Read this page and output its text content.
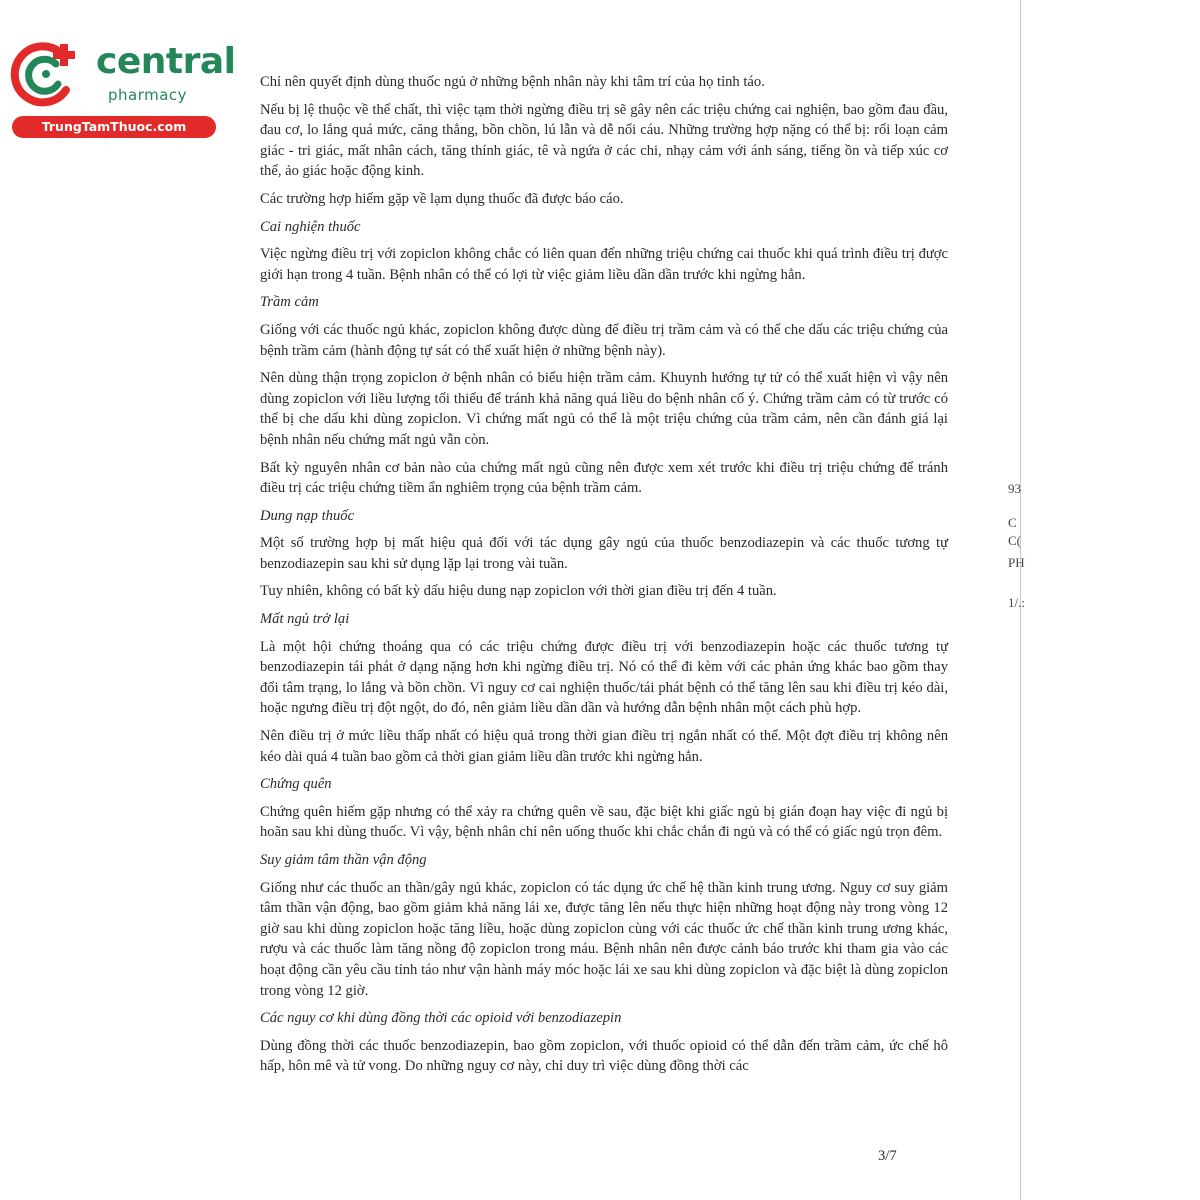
central
pharmacy
TrungTamThuoc.com

Chỉ nên quyết định dùng thuốc ngủ ở những bệnh nhân này khi tâm trí của họ tỉnh táo.

Nếu bị lệ thuộc về thể chất, thì việc tạm thời ngừng điều trị sẽ gây nên các triệu chứng cai nghiện, bao gồm đau đầu, đau cơ, lo lắng quá mức, căng thẳng, bồn chồn, lú lẫn và dễ nổi cáu. Những trường hợp nặng có thể bị: rối loạn cảm giác - tri giác, mất nhân cách, tăng thính giác, tê và ngứa ở các chi, nhạy cảm với ánh sáng, tiếng ồn và tiếp xúc cơ thể, ảo giác hoặc động kinh.

Các trường hợp hiếm gặp về lạm dụng thuốc đã được báo cáo.

Cai nghiện thuốc

Việc ngừng điều trị với zopiclon không chắc có liên quan đến những triệu chứng cai thuốc khi quá trình điều trị được giới hạn trong 4 tuần. Bệnh nhân có thể có lợi từ việc giảm liều dần dần trước khi ngừng hẳn.

Trầm cảm

Giống với các thuốc ngủ khác, zopiclon không được dùng để điều trị trầm cảm và có thể che dấu các triệu chứng của bệnh trầm cảm (hành động tự sát có thể xuất hiện ở những bệnh này).

Nên dùng thận trọng zopiclon ở bệnh nhân có biểu hiện trầm cảm. Khuynh hướng tự tử có thể xuất hiện vì vậy nên dùng zopiclon với liều lượng tối thiểu để tránh khả năng quá liều do bệnh nhân cố ý. Chứng trầm cảm có từ trước có thể bị che dấu khi dùng zopiclon. Vì chứng mất ngủ có thể là một triệu chứng của trầm cảm, nên cần đánh giá lại bệnh nhân nếu chứng mất ngủ vẫn còn.

Bất kỳ nguyên nhân cơ bản nào của chứng mất ngủ cũng nên được xem xét trước khi điều trị triệu chứng để tránh điều trị các triệu chứng tiềm ẩn nghiêm trọng của bệnh trầm cảm.

Dung nạp thuốc

Một số trường hợp bị mất hiệu quả đối với tác dụng gây ngủ của thuốc benzodiazepin và các thuốc tương tự benzodiazepin sau khi sử dụng lặp lại trong vài tuần.

Tuy nhiên, không có bất kỳ dấu hiệu dung nạp zopiclon với thời gian điều trị đến 4 tuần.

Mất ngủ trở lại

Là một hội chứng thoáng qua có các triệu chứng được điều trị với benzodiazepin hoặc các thuốc tương tự benzodiazepin tái phát ở dạng nặng hơn khi ngừng điều trị. Nó có thể đi kèm với các phản ứng khác bao gồm thay đổi tâm trạng, lo lắng và bồn chồn. Vì nguy cơ cai nghiện thuốc/tái phát bệnh có thể tăng lên sau khi điều trị kéo dài, hoặc ngưng điều trị đột ngột, do đó, nên giảm liều dần dần và hướng dẫn bệnh nhân một cách phù hợp.

Nên điều trị ở mức liều thấp nhất có hiệu quả trong thời gian điều trị ngắn nhất có thể. Một đợt điều trị không nên kéo dài quá 4 tuần bao gồm cả thời gian giảm liều dần trước khi ngừng hẳn.

Chứng quên

Chứng quên hiếm gặp nhưng có thể xảy ra chứng quên về sau, đặc biệt khi giấc ngủ bị gián đoạn hay việc đi ngủ bị hoãn sau khi dùng thuốc. Vì vậy, bệnh nhân chỉ nên uống thuốc khi chắc chắn đi ngủ và có thể có giấc ngủ trọn đêm.

Suy giảm tâm thần vận động

Giống như các thuốc an thần/gây ngủ khác, zopiclon có tác dụng ức chế hệ thần kinh trung ương. Nguy cơ suy giảm tâm thần vận động, bao gồm giảm khả năng lái xe, được tăng lên nếu thực hiện những hoạt động này trong vòng 12 giờ sau khi dùng zopiclon hoặc tăng liều, hoặc dùng zopiclon cùng với các thuốc ức chế thần kinh trung ương khác, rượu và các thuốc làm tăng nồng độ zopiclon trong máu. Bệnh nhân nên được cảnh báo trước khi tham gia vào các hoạt động cần yêu cầu tỉnh táo như vận hành máy móc hoặc lái xe sau khi dùng zopiclon và đặc biệt là dùng zopiclon trong vòng 12 giờ.

Các nguy cơ khi dùng đồng thời các opioid với benzodiazepin

Dùng đồng thời các thuốc benzodiazepin, bao gồm zopiclon, với thuốc opioid có thể dẫn đến trầm cảm, ức chế hô hấp, hôn mê và tử vong. Do những nguy cơ này, chỉ duy trì việc dùng đồng thời các

3/7
93
C
C(
PH
1/.:
